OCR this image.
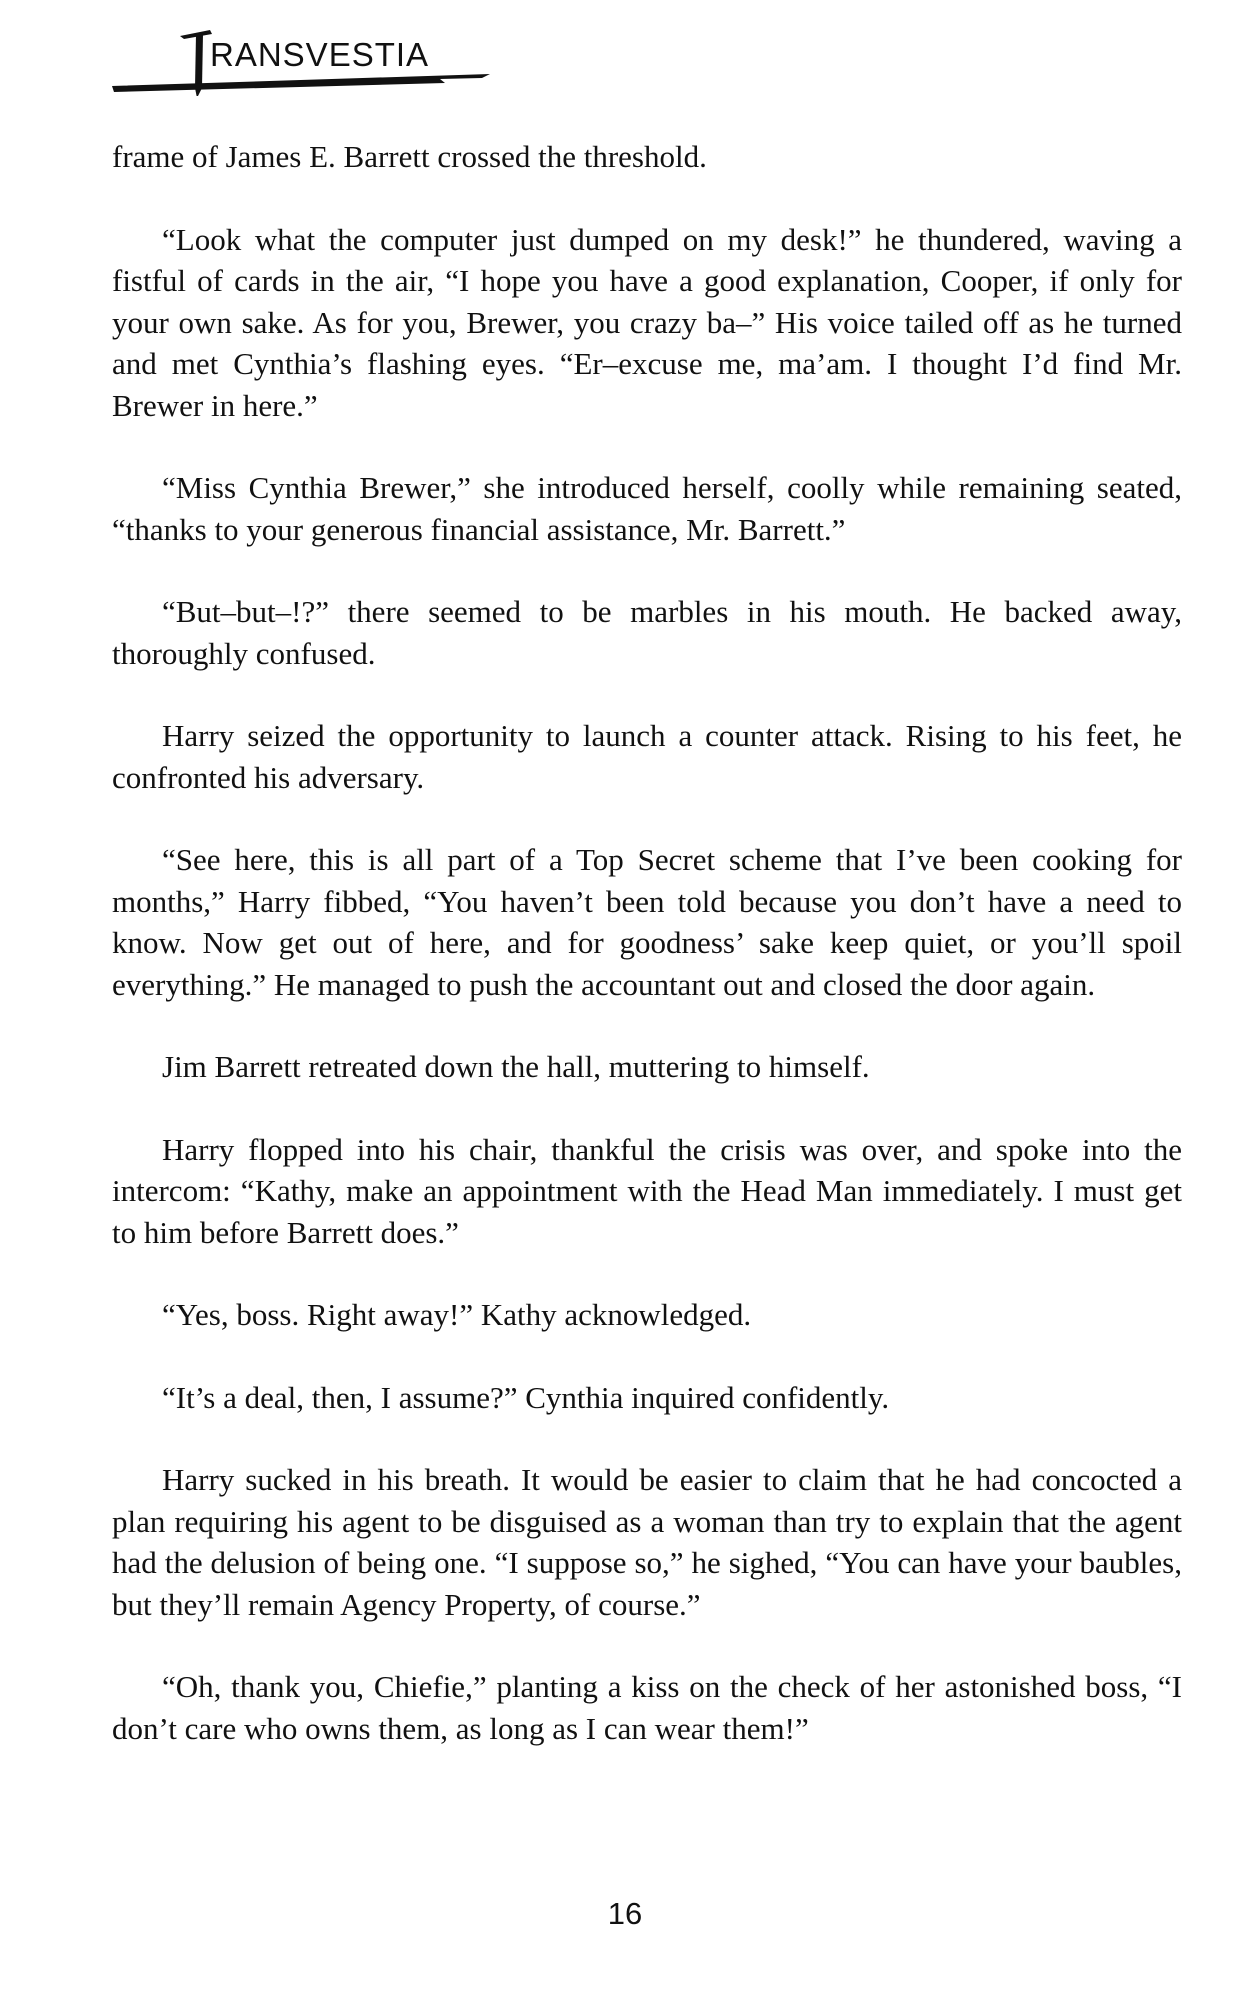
RANSVESTIA

frame of James E. Barrett crossed the threshold.

“Look what the computer just dumped on my desk!” he thundered, waving a fistful of cards in the air, “I hope you have a good explanation, Cooper, if only for your own sake. As for you, Brewer, you crazy ba–” His voice tailed off as he turned and met Cynthia’s flashing eyes. “Er–excuse me, ma’am. I thought I’d find Mr. Brewer in here.”

“Miss Cynthia Brewer,” she introduced herself, coolly while remaining seated, “thanks to your generous financial assistance, Mr. Barrett.”

“But–but–!?” there seemed to be marbles in his mouth. He backed away, thoroughly confused.

Harry seized the opportunity to launch a counter attack. Rising to his feet, he confronted his adversary.

“See here, this is all part of a Top Secret scheme that I’ve been cooking for months,” Harry fibbed, “You haven’t been told because you don’t have a need to know. Now get out of here, and for goodness’ sake keep quiet, or you’ll spoil everything.” He managed to push the accountant out and closed the door again.

Jim Barrett retreated down the hall, muttering to himself.

Harry flopped into his chair, thankful the crisis was over, and spoke into the intercom: “Kathy, make an appointment with the Head Man immediately. I must get to him before Barrett does.”

“Yes, boss. Right away!” Kathy acknowledged.

“It’s a deal, then, I assume?” Cynthia inquired confidently.

Harry sucked in his breath. It would be easier to claim that he had concocted a plan requiring his agent to be disguised as a woman than try to explain that the agent had the delusion of being one. “I suppose so,” he sighed, “You can have your baubles, but they’ll remain Agency Property, of course.”

“Oh, thank you, Chiefie,” planting a kiss on the check of her astonished boss, “I don’t care who owns them, as long as I can wear them!”

16
